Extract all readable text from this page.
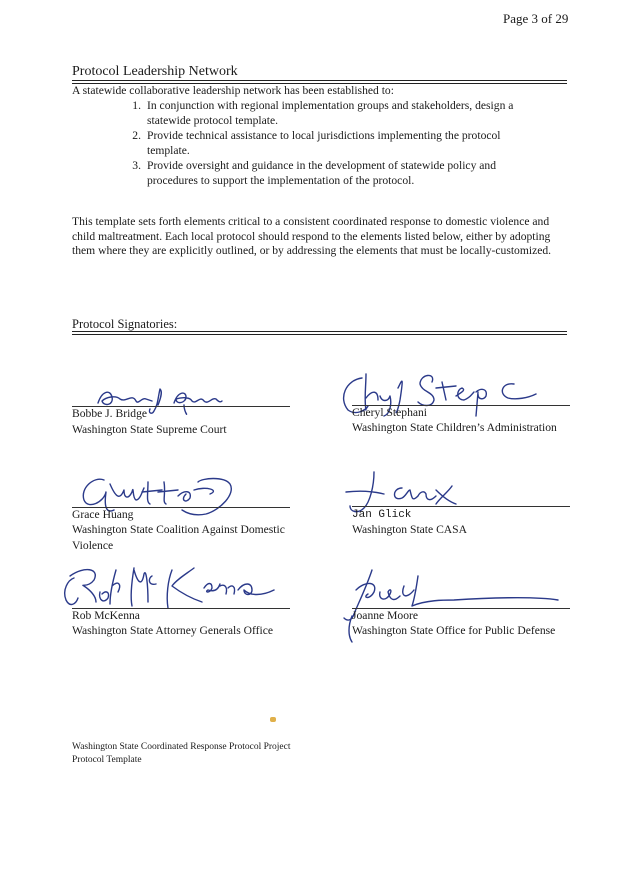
Page 3 of 29
Protocol Leadership Network
A statewide collaborative leadership network has been established to:
1. In conjunction with regional implementation groups and stakeholders, design a statewide protocol template.
2. Provide technical assistance to local jurisdictions implementing the protocol template.
3. Provide oversight and guidance in the development of statewide policy and procedures to support the implementation of the protocol.
This template sets forth elements critical to a consistent coordinated response to domestic violence and child maltreatment. Each local protocol should respond to the elements listed below, either by adopting them where they are explicitly outlined, or by addressing the elements that must be locally-customized.
Protocol Signatories:
Bobbe J. Bridge
Washington State Supreme Court
Cheryl Stephani
Washington State Children’s Administration
Grace Huang
Washington State Coalition Against Domestic Violence
Jan Glick
Washington State CASA
Rob McKenna
Washington State Attorney Generals Office
Joanne Moore
Washington State Office for Public Defense
Washington State Coordinated Response Protocol Project
Protocol Template
